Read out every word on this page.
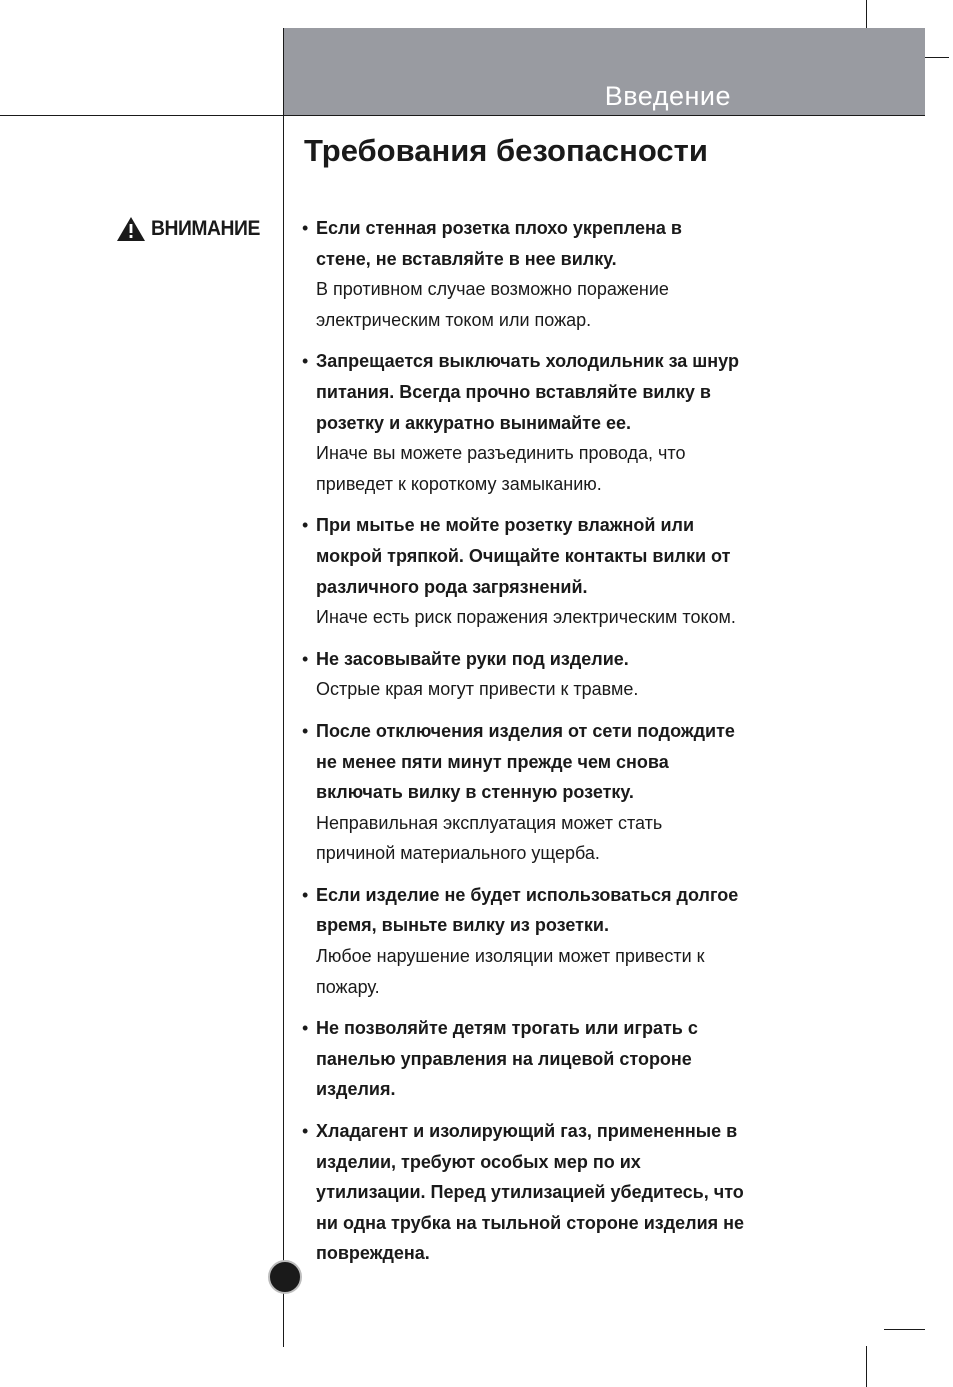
Введение
Требования безопасности
ВНИМАНИЕ • Если стенная розетка плохо укреплена в

стене, не вставляйте в нее вилку.

В противном случае возможно поражение

электрическим током или пожар.

• Запрещается выключать холодильник за шнур

питания. Всегда прочно вставляйте вилку в

розетку и аккуратно вынимайте ее.

Иначе вы можете разъединить провода, что

приведет к короткому замыканию.

• При мытье не мойте розетку влажной или

мокрой тряпкой. Очищайте контакты вилки от

различного рода загрязнений.

Иначе есть риск поражения электрическим током.

• Не засовывайте руки под изделие.

Острые края могут привести к травме.

• После отключения изделия от сети подождите

не менее пяти минут прежде чем снова

включать вилку в стенную розетку.

Неправильная эксплуатация может стать

причиной материального ущерба.

• Если изделие не будет использоваться долгое

время, выньте вилку из розетки.

Любое нарушение изоляции может привести к

пожару.

• Не позволяйте детям трогать или играть с

панелью управления на лицевой стороне

изделия.

• Хладагент и изолирующий газ, примененные в

изделии, требуют особых мер по их

утилизации. Перед утилизацией убедитесь, что

ни одна трубка на тыльной стороне изделия не

повреждена.
